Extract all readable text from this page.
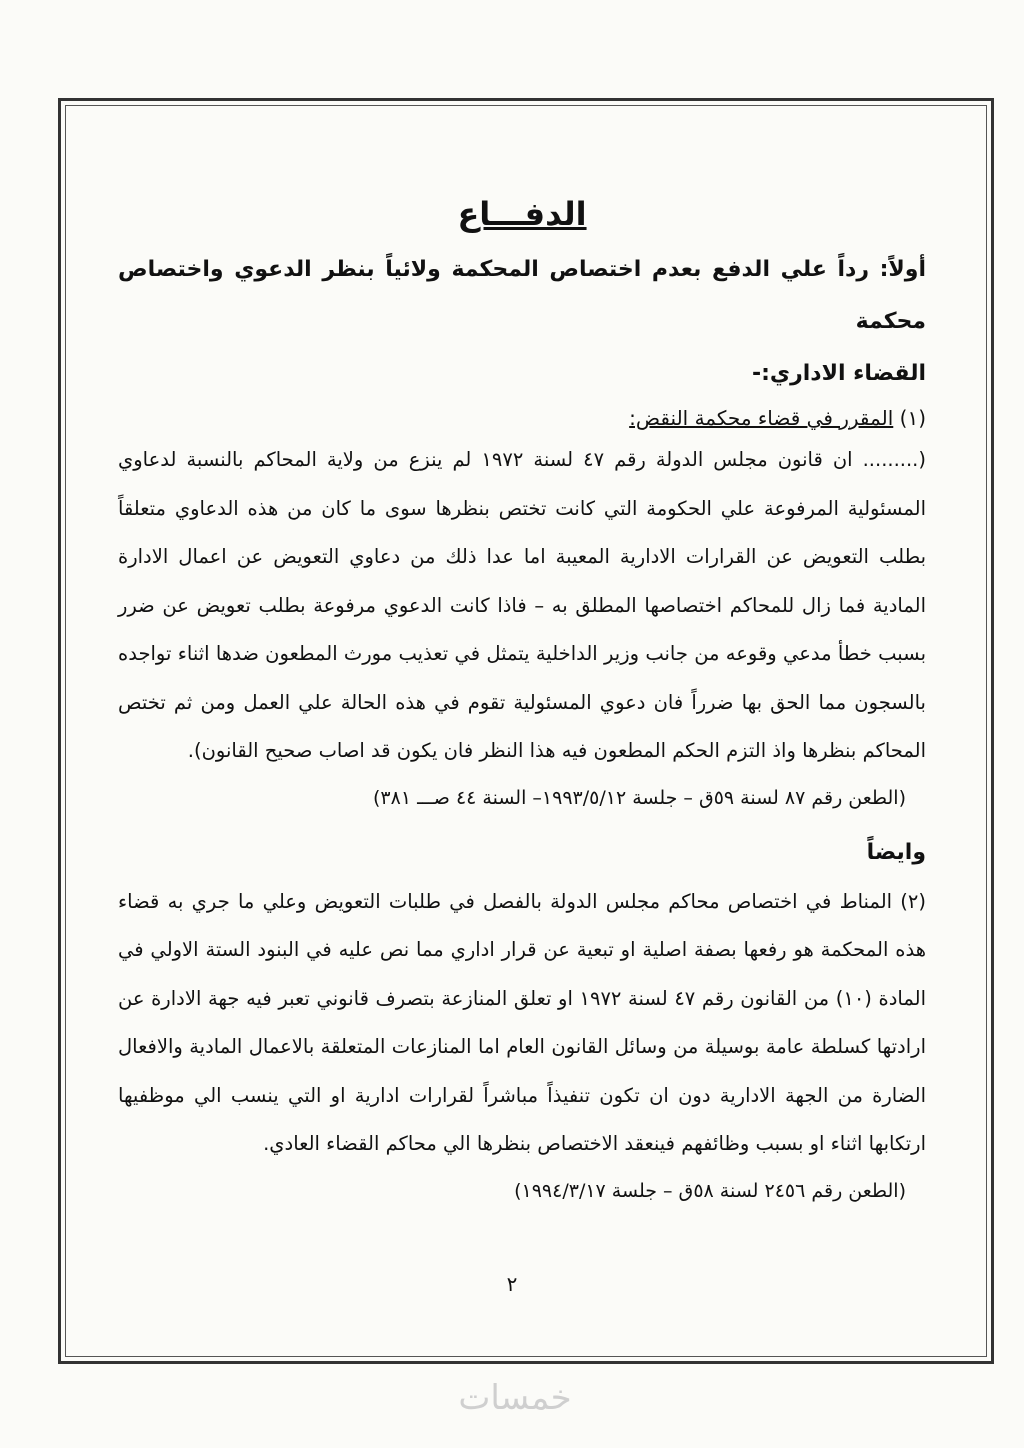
الدفـــاع

أولاً: رداً علي الدفع بعدم اختصاص المحكمة ولائياً بنظر الدعوي واختصاص محكمة

القضاء الاداري:-

(١) المقرر في قضاء محكمة النقض:

(......... ان قانون مجلس الدولة رقم ٤٧ لسنة ١٩٧٢ لم ينزع من ولاية المحاكم بالنسبة لدعاوي المسئولية المرفوعة علي الحكومة التي كانت تختص بنظرها سوى ما كان من هذه الدعاوي متعلقاً بطلب التعويض عن القرارات الادارية المعيبة اما عدا ذلك من دعاوي التعويض عن اعمال الادارة المادية فما زال للمحاكم اختصاصها المطلق به – فاذا كانت الدعوي مرفوعة بطلب تعويض عن ضرر بسبب خطأ مدعي وقوعه من جانب وزير الداخلية يتمثل في تعذيب مورث المطعون ضدها اثناء تواجده بالسجون مما الحق بها ضرراً فان دعوي المسئولية تقوم في هذه الحالة علي العمل ومن ثم تختص المحاكم بنظرها واذ التزم الحكم المطعون فيه هذا النظر فان يكون قد اصاب صحيح القانون).

(الطعن رقم ٨٧ لسنة ٥٩ق – جلسة ١٩٩٣/٥/١٢– السنة ٤٤ صـــ ٣٨١)

وايضاً

(٢) المناط في اختصاص محاكم مجلس الدولة بالفصل في طلبات التعويض وعلي ما جري به قضاء هذه المحكمة هو رفعها بصفة اصلية او تبعية عن قرار اداري مما نص عليه في البنود الستة الاولي في المادة (١٠) من القانون رقم ٤٧ لسنة ١٩٧٢ او تعلق المنازعة بتصرف قانوني تعبر فيه جهة الادارة عن ارادتها كسلطة عامة بوسيلة من وسائل القانون العام اما المنازعات المتعلقة بالاعمال المادية والافعال الضارة من الجهة الادارية دون ان تكون تنفيذاً مباشراً لقرارات ادارية او التي ينسب الي موظفيها ارتكابها اثناء او بسبب وظائفهم فينعقد الاختصاص بنظرها الي محاكم القضاء العادي.

(الطعن رقم ٢٤٥٦ لسنة ٥٨ق – جلسة ١٩٩٤/٣/١٧)

٢
خمسات
